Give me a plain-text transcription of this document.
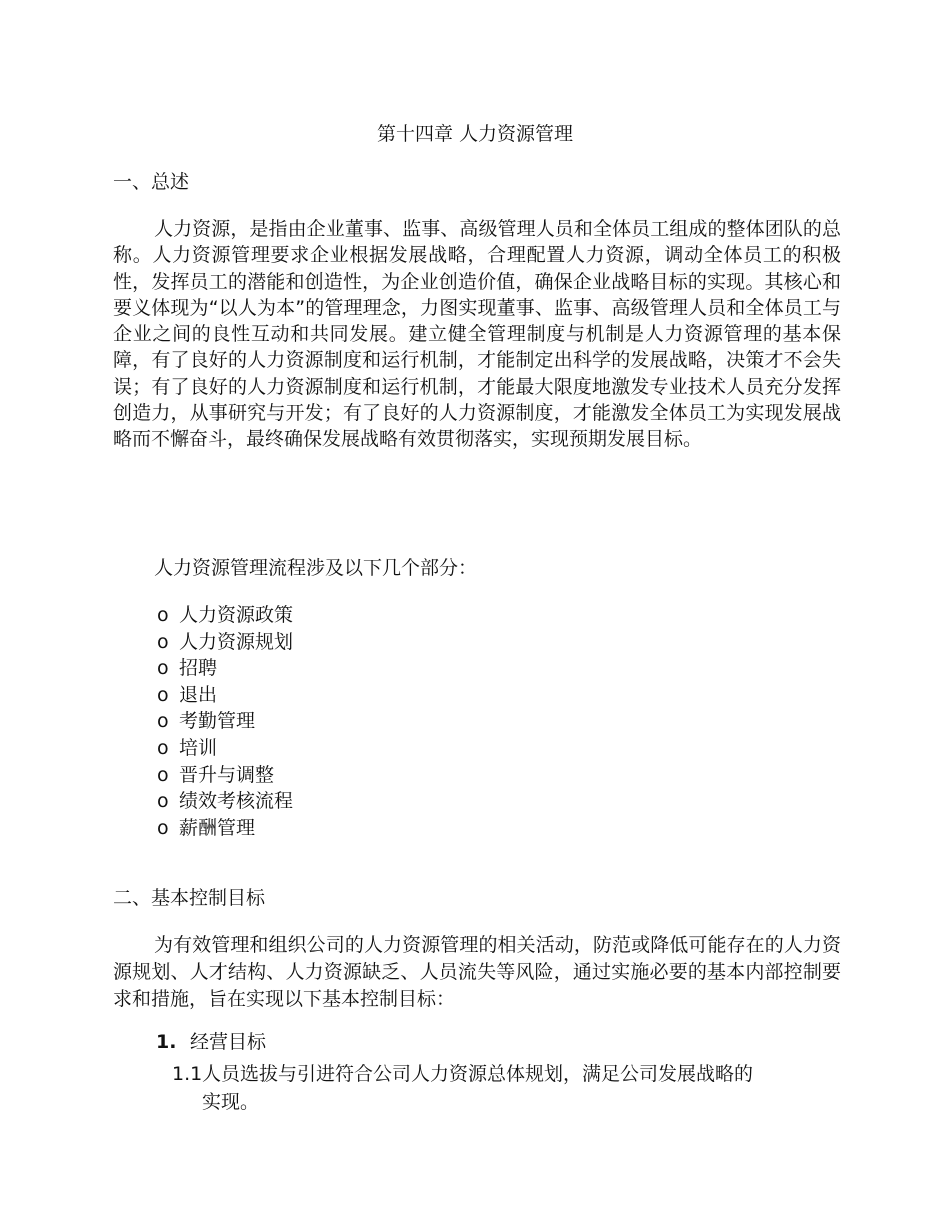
第十四章 人力资源管理
一、总述
人力资源，是指由企业董事、监事、高级管理人员和全体员工组成的整体团队的总称。人力资源管理要求企业根据发展战略，合理配置人力资源，调动全体员工的积极性，发挥员工的潜能和创造性，为企业创造价值，确保企业战略目标的实现。其核心和要义体现为“以人为本”的管理理念，力图实现董事、监事、高级管理人员和全体员工与企业之间的良性互动和共同发展。建立健全管理制度与机制是人力资源管理的基本保障，有了良好的人力资源制度和运行机制，才能制定出科学的发展战略，决策才不会失误；有了良好的人力资源制度和运行机制，才能最大限度地激发专业技术人员充分发挥创造力，从事研究与开发；有了良好的人力资源制度，才能激发全体员工为实现发展战略而不懈奋斗，最终确保发展战略有效贯彻落实，实现预期发展目标。
人力资源管理流程涉及以下几个部分：
o 人力资源政策
o 人力资源规划
o 招聘
o 退出
o 考勤管理
o 培训
o 晋升与调整
o 绩效考核流程
o 薪酬管理
二、基本控制目标
为有效管理和组织公司的人力资源管理的相关活动，防范或降低可能存在的人力资源规划、人才结构、人力资源缺乏、人员流失等风险，通过实施必要的基本内部控制要求和措施，旨在实现以下基本控制目标：
1. 经营目标
1.1人员选拔与引进符合公司人力资源总体规划，满足公司发展战略的
实现。
